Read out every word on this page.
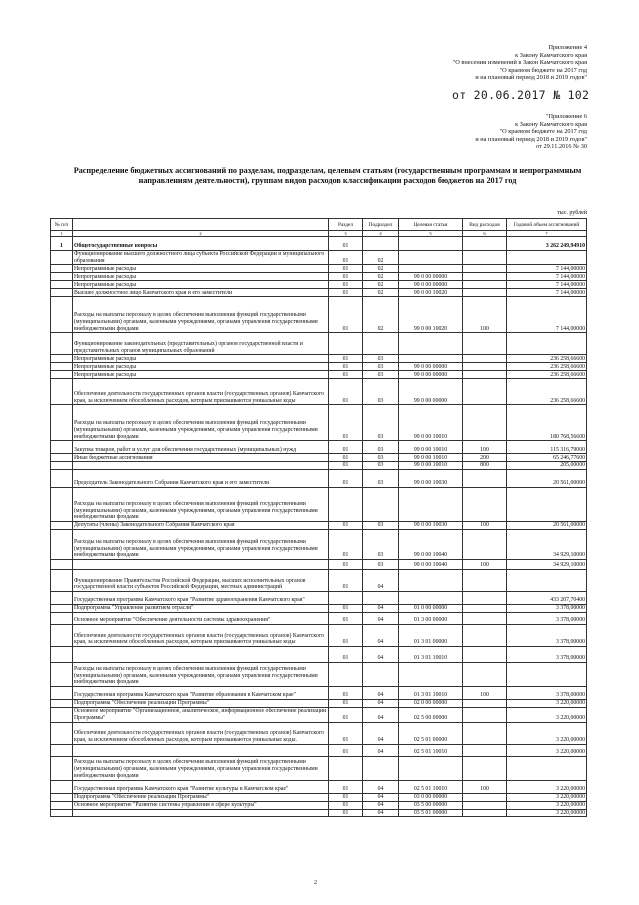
Приложение 4
к Закону Камчатского края
"О внесении изменений в Закон Камчатского края
"О краевом бюджете на 2017 год
и на плановый период 2018 и 2019 годов"
от 20.06.2017 № 102
"Приложение 6
к Закону Камчатского края
"О краевом бюджете на 2017 год
и на плановый период 2018 и 2019 годов"
от 29.11.2016 № 30
Распределение бюджетных ассигнований по разделам, подразделам, целевым статьям (государственным программам и непрограммным направлениям деятельности), группам видов расходов классификации расходов бюджетов на 2017 год
тыс. рублей
№ п/п		Раздел	Подраздел	Целевая статья	Вид расходов	Годовой объем ассигнований
1	2	3	4	5	6	7
1	Общегосударственные вопросы	01				3 262 249,94910
	Функционирование высшего должностного лица субъекта Российской Федерации и муниципального образования	01	02			
	Непрограммные расходы	01	02			7 144,00000
	Непрограммные расходы	01	02	99 0 00 00000		7 144,00000
	Непрограммные расходы	01	02	99 0 00 00000		7 144,00000
	Высшее должностное лицо Камчатского края и его заместители	01	02	99 0 00 10020		7 144,00000
	Расходы на выплаты персоналу в целях обеспечения выполнения функций государственными (муниципальными) органами, казенными учреждениями, органами управления государственными внебюджетными фондами	01	02	99 0 00 10020	100	7 144,00000
	Функционирование законодательных (представительных) органов государственной власти и представительных органов муниципальных образований					
	Непрограммные расходы	01	03			236 258,66600
	Непрограммные расходы	01	03	99 0 00 00000		236 258,66600
	Непрограммные расходы	01	03	99 0 00 00000		236 258,66600
	Обеспечение деятельности государственных органов власти (государственных органов) Камчатского края, за исключением обособленных расходов, которым присваиваются уникальные коды	01	03	99 0 00 00000		236 258,66600
	Расходы на выплаты персоналу в целях обеспечения выполнения функций государственными (муниципальными) органами, казенными учреждениями, органами управления государственными внебюджетными фондами	01	03	99 0 00 10010		180 768,56600
	Закупка товаров, работ и услуг для обеспечения государственных (муниципальных) нужд	01	03	99 0 00 10010	100	115 316,79000
	Иные бюджетные ассигнования	01	03	99 0 00 10010	200	65 246,77600
		01	03	99 0 00 10010	800	205,00000
	Председатель Законодательного Собрания Камчатского края и его заместители	01	03	99 0 00 10030		20 561,00000
	Расходы на выплаты персоналу в целях обеспечения выполнения функций государственными (муниципальными) органами, казенными учреждениями, органами управления государственными внебюджетными фондами					
	Депутаты (члены) Законодательного Собрания Камчатского края	01	03	99 0 00 10030	100	20 561,00000
	Расходы на выплаты персоналу в целях обеспечения выполнения функций государственными (муниципальными) органами, казенными учреждениями, органами управления государственными внебюджетными фондами	01	03	99 0 00 10040		34 929,10000
		01	03	99 0 00 10040	100	34 929,10000
	Функционирование Правительства Российской Федерации, высших исполнительных органов государственной власти субъектов Российской Федерации, местных администраций	01	04			
	Государственная программа Камчатского края "Развитие здравоохранения Камчатского края"					433 207,70400
	Подпрограмма "Управление развитием отрасли"	01	04	01 0 00 00000		3 378,00000
	Основное мероприятие "Обеспечение деятельности системы здравоохранения"	01	04	01 3 00 00000		3 378,00000
	Обеспечение деятельности государственных органов власти (государственных органов) Камчатского края, за исключением обособленных расходов, которым присваиваются уникальные коды	01	04	01 3 01 00000		3 378,00000
		01	04	01 3 01 10010		3 378,00000
	Расходы на выплаты персоналу в целях обеспечения выполнения функций государственными (муниципальными) органами, казенными учреждениями, органами управления государственными внебюджетными фондами					
	Государственная программа Камчатского края "Развитие образования в Камчатском крае"	01	04	01 3 01 10010	100	3 378,00000
	Подпрограмма "Обеспечение реализации Программы"	01	04	02 0 00 00000		3 220,00000
	Основное мероприятие "Организационное, аналитическое, информационное обеспечение реализации Программы"	01	04	02 5 00 00000		3 220,00000
	Обеспечение деятельности государственных органов власти (государственных органов) Камчатского края, за исключением обособленных расходов, которым присваиваются уникальные коды.	01	04	02 5 01 00000		3 220,00000
		01	04	02 5 01 10010		3 220,00000
	Расходы на выплаты персоналу в целях обеспечения выполнения функций государственными (муниципальными) органами, казенными учреждениями, органами управления государственными внебюджетными фондами					
	Государственная программа Камчатского края "Развитие культуры в Камчатском крае"	01	04	02 5 01 10010	100	3 220,00000
	Подпрограмма "Обеспечение реализации Программы"	01	04	03 0 00 00000		3 220,00000
	Основное мероприятие "Развитие системы управления в сфере культуры"	01	04	03 5 00 00000		3 220,00000
		01	04	03 5 01 00000		3 220,00000
2
